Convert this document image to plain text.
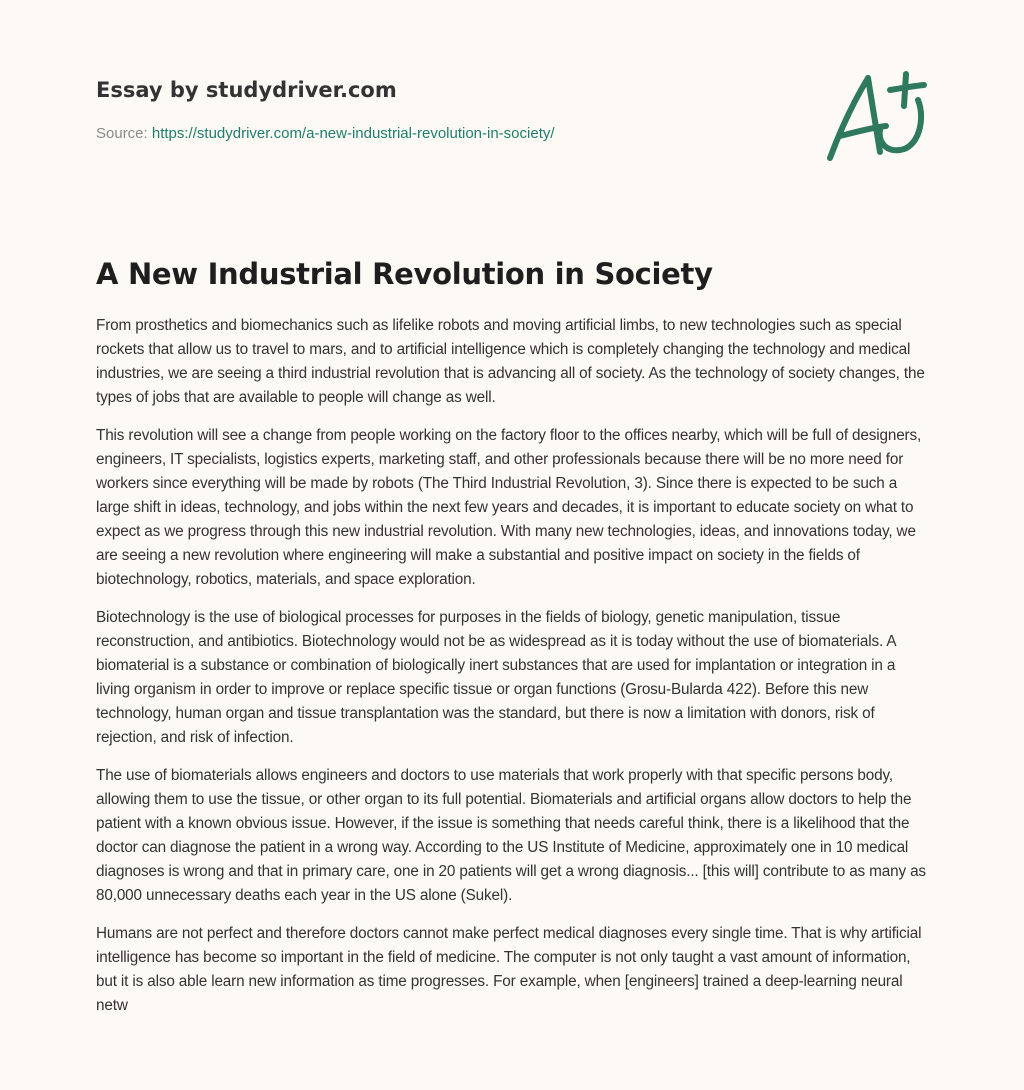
Essay by studydriver.com
Source: https://studydriver.com/a-new-industrial-revolution-in-society/
A New Industrial Revolution in Society

From prosthetics and biomechanics such as lifelike robots and moving artificial limbs, to new technologies such as special rockets that allow us to travel to mars, and to artificial intelligence which is completely changing the technology and medical industries, we are seeing a third industrial revolution that is advancing all of society. As the technology of society changes, the types of jobs that are available to people will change as well.

This revolution will see a change from people working on the factory floor to the offices nearby, which will be full of designers, engineers, IT specialists, logistics experts, marketing staff, and other professionals because there will be no more need for workers since everything will be made by robots (The Third Industrial Revolution, 3). Since there is expected to be such a large shift in ideas, technology, and jobs within the next few years and decades, it is important to educate society on what to expect as we progress through this new industrial revolution. With many new technologies, ideas, and innovations today, we are seeing a new revolution where engineering will make a substantial and positive impact on society in the fields of biotechnology, robotics, materials, and space exploration.

Biotechnology is the use of biological processes for purposes in the fields of biology, genetic manipulation, tissue reconstruction, and antibiotics. Biotechnology would not be as widespread as it is today without the use of biomaterials. A biomaterial is a substance or combination of biologically inert substances that are used for implantation or integration in a living organism in order to improve or replace specific tissue or organ functions (Grosu-Bularda 422). Before this new technology, human organ and tissue transplantation was the standard, but there is now a limitation with donors, risk of rejection, and risk of infection.

The use of biomaterials allows engineers and doctors to use materials that work properly with that specific persons body, allowing them to use the tissue, or other organ to its full potential. Biomaterials and artificial organs allow doctors to help the patient with a known obvious issue. However, if the issue is something that needs careful think, there is a likelihood that the doctor can diagnose the patient in a wrong way. According to the US Institute of Medicine, approximately one in 10 medical diagnoses is wrong and that in primary care, one in 20 patients will get a wrong diagnosis... [this will] contribute to as many as 80,000 unnecessary deaths each year in the US alone (Sukel).

Humans are not perfect and therefore doctors cannot make perfect medical diagnoses every single time. That is why artificial intelligence has become so important in the field of medicine. The computer is not only taught a vast amount of information, but it is also able learn new information as time progresses. For example, when [engineers] trained a deep-learning neural netw
